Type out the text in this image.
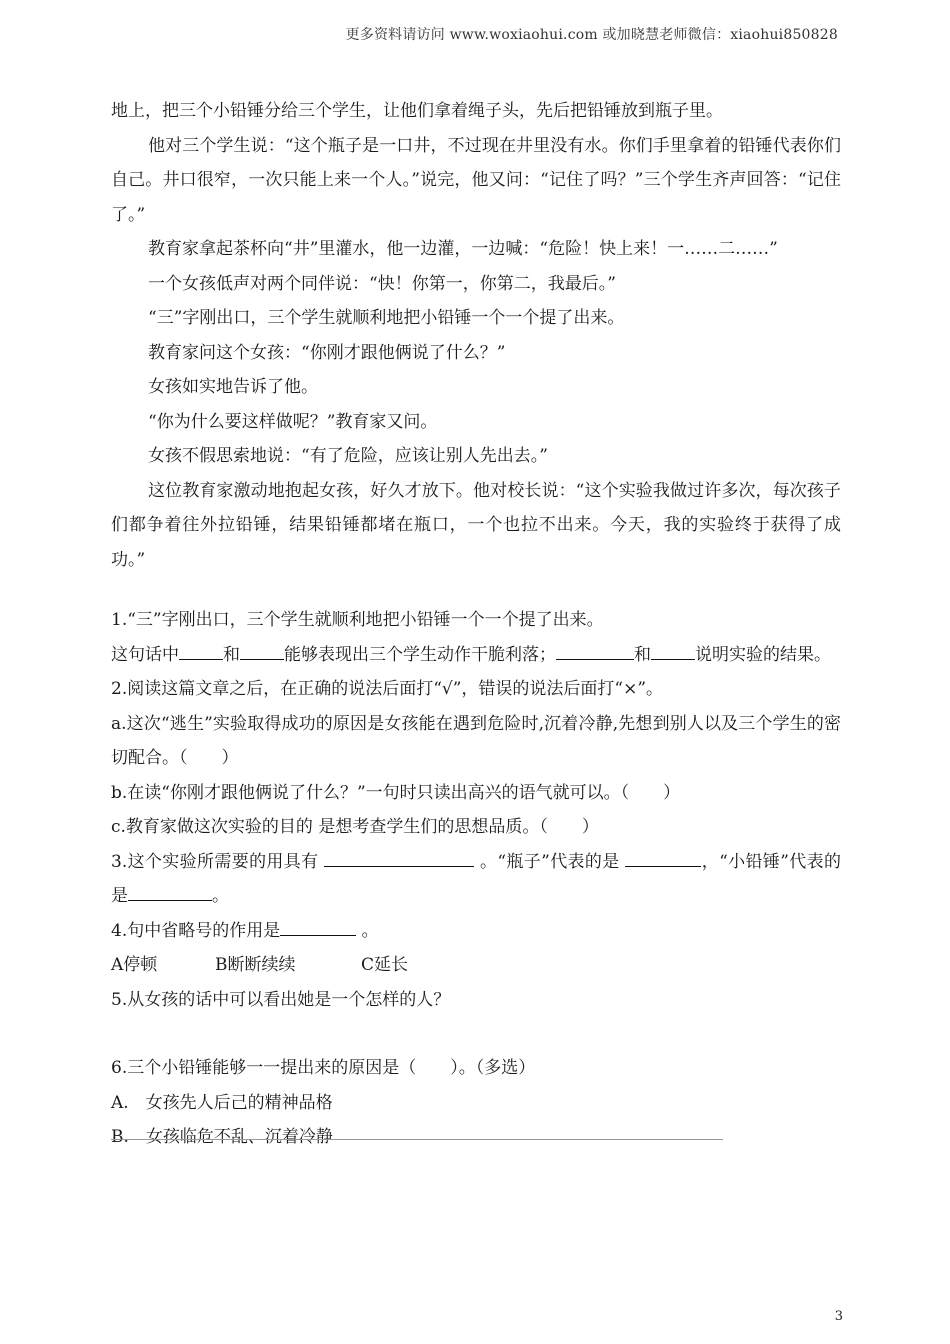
更多资料请访问 www.woxiaohui.com 或加晓慧老师微信：xiaohui850828

地上，把三个小铅锤分给三个学生，让他们拿着绳子头，先后把铅锤放到瓶子里。

他对三个学生说：“这个瓶子是一口井，不过现在井里没有水。你们手里拿着的铅锤代表你们自己。井口很窄，一次只能上来一个人。”说完，他又问：“记住了吗？”三个学生齐声回答：“记住了。”

教育家拿起茶杯向“井”里灌水，他一边灌，一边喊：“危险！快上来！一……二……”

一个女孩低声对两个同伴说：“快！你第一，你第二，我最后。”

“三”字刚出口，三个学生就顺利地把小铅锤一个一个提了出来。

教育家问这个女孩：“你刚才跟他俩说了什么？”

女孩如实地告诉了他。

“你为什么要这样做呢？”教育家又问。

女孩不假思索地说：“有了危险，应该让别人先出去。”

这位教育家激动地抱起女孩，好久才放下。他对校长说：“这个实验我做过许多次，每次孩子们都争着往外拉铅锤，结果铅锤都堵在瓶口，一个也拉不出来。今天，我的实验终于获得了成功。”

1.“三”字刚出口，三个学生就顺利地把小铅锤一个一个提了出来。

这句话中	和	能够表现出三个学生动作干脆利落；	和	说明实验的结果。

2.阅读这篇文章之后，在正确的说法后面打“√”，错误的说法后面打“×”。

a.这次“逃生”实验取得成功的原因是女孩能在遇到危险时,沉着冷静,先想到别人以及三个学生的密切配合。（　　）

b.在读“你刚才跟他俩说了什么？”一句时只读出高兴的语气就可以。（　　）

c.教育家做这次实验的目的 是想考查学生们的思想品质。（　　）

3.这个实验所需要的用具有	。“瓶子”代表的是	，“小铅锤”代表的是	。

4.句中省略号的作用是	。

A停顿	B断断续续	C延长

5.从女孩的话中可以看出她是一个怎样的人？

6.三个小铅锤能够一一提出来的原因是（　　）。（多选）

A.　女孩先人后己的精神品格

B.　女孩临危不乱、沉着冷静

3
